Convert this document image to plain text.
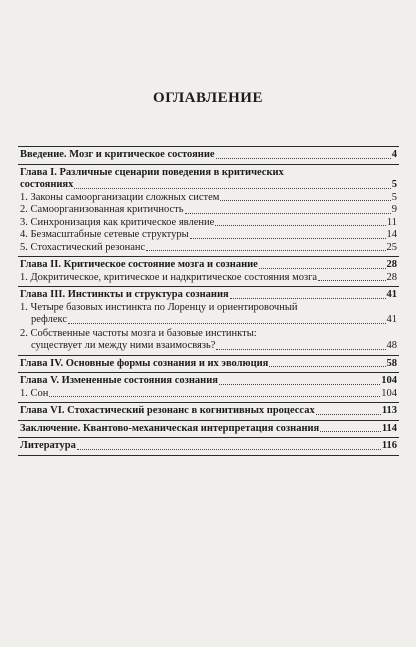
ОГЛАВЛЕНИЕ
Введение. Мозг и критическое состояние	4
Глава I. Различные сценарии поведения в критических
состояниях	5
1. Законы самоорганизации сложных систем	5
2. Самоорганизованная критичность	9
3. Синхронизация как критическое явление	11
4. Безмасштабные сетевые структуры	14
5. Стохастический резонанс	25
Глава II. Критическое состояние мозга и сознание	28
1. Докритическое, критическое и надкритическое состояния мозга	28
Глава III. Инстинкты и структура сознания	41
1. Четыре базовых инстинкта по Лоренцу и ориентировочный
рефлекс	41
2. Собственные частоты мозга и базовые инстинкты:
существует ли между ними взаимосвязь?	48
Глава IV. Основные формы сознания и их эволюция	58
Глава V. Измененные состояния сознания	104
1. Сон	104
Глава VI. Стохастический резонанс в когнитивных процессах	113
Заключение. Квантово-механическая интерпретация сознания	114
Литература	116
